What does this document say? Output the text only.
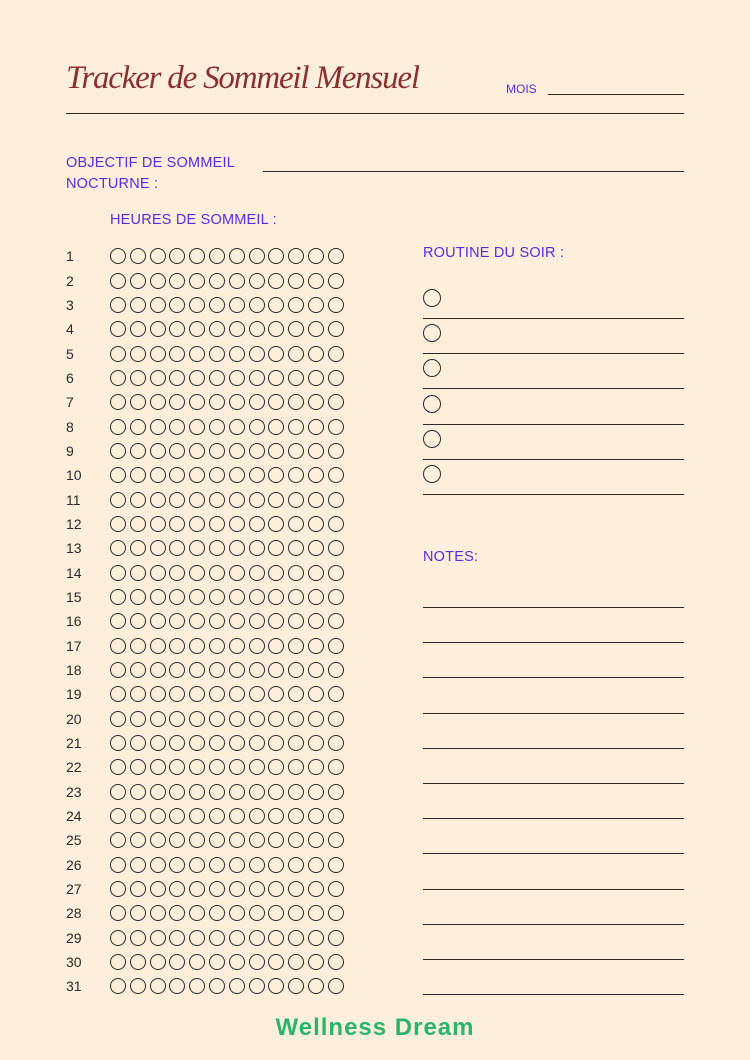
Tracker de Sommeil Mensuel	MOIS
OBJECTIF DE SOMMEIL
NOCTURNE :
HEURES DE SOMMEIL :
1
2
3
4
5
6
7
8
9
10
11
12
13
14
15
16
17
18
19
20
21
22
23
24
25
26
27
28
29
30
31
ROUTINE DU SOIR :
NOTES:
Wellness Dream
